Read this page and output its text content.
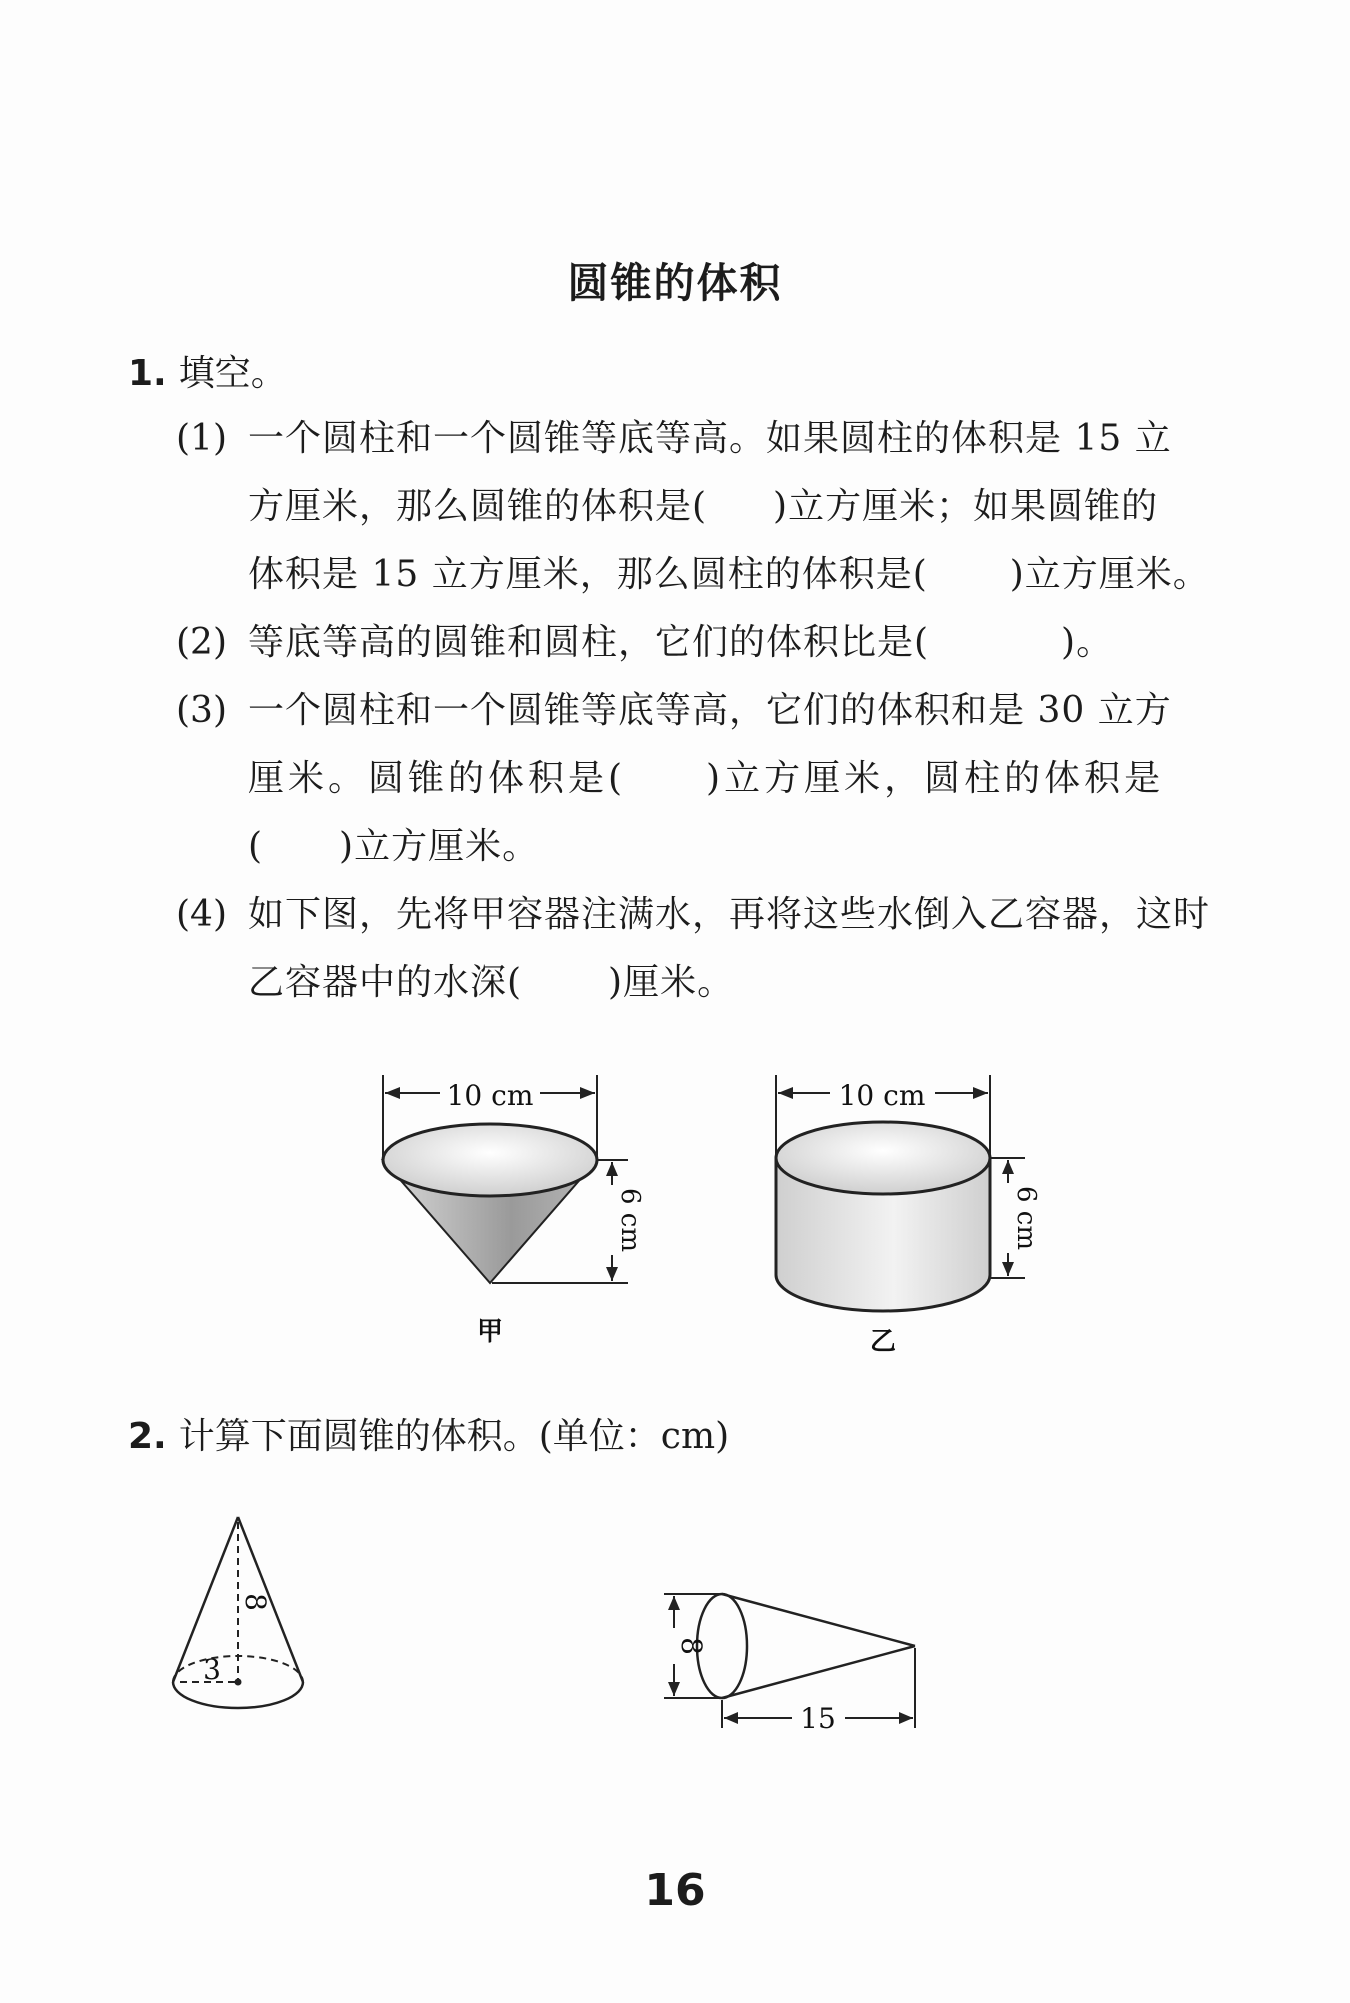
圆锥的体积
1. 填空。
(1) 一个圆柱和一个圆锥等底等高。如果圆柱的体积是 15 立
方厘米，那么圆锥的体积是( )立方厘米；如果圆锥的
体积是 15 立方厘米，那么圆柱的体积是( )立方厘米。
(2) 等底等高的圆锥和圆柱，它们的体积比是(	)。
(3) 一个圆柱和一个圆锥等底等高，它们的体积和是 30 立方
厘米。圆锥的体积是( )立方厘米，圆柱的体积是
( )立方厘米。
(4) 如下图，先将甲容器注满水，再将这些水倒入乙容器，这时
乙容器中的水深( )厘米。
10 cm
6 cm
甲
10 cm
6 cm
乙
2. 计算下面圆锥的体积。(单位：cm)
8
3
8
15
16
